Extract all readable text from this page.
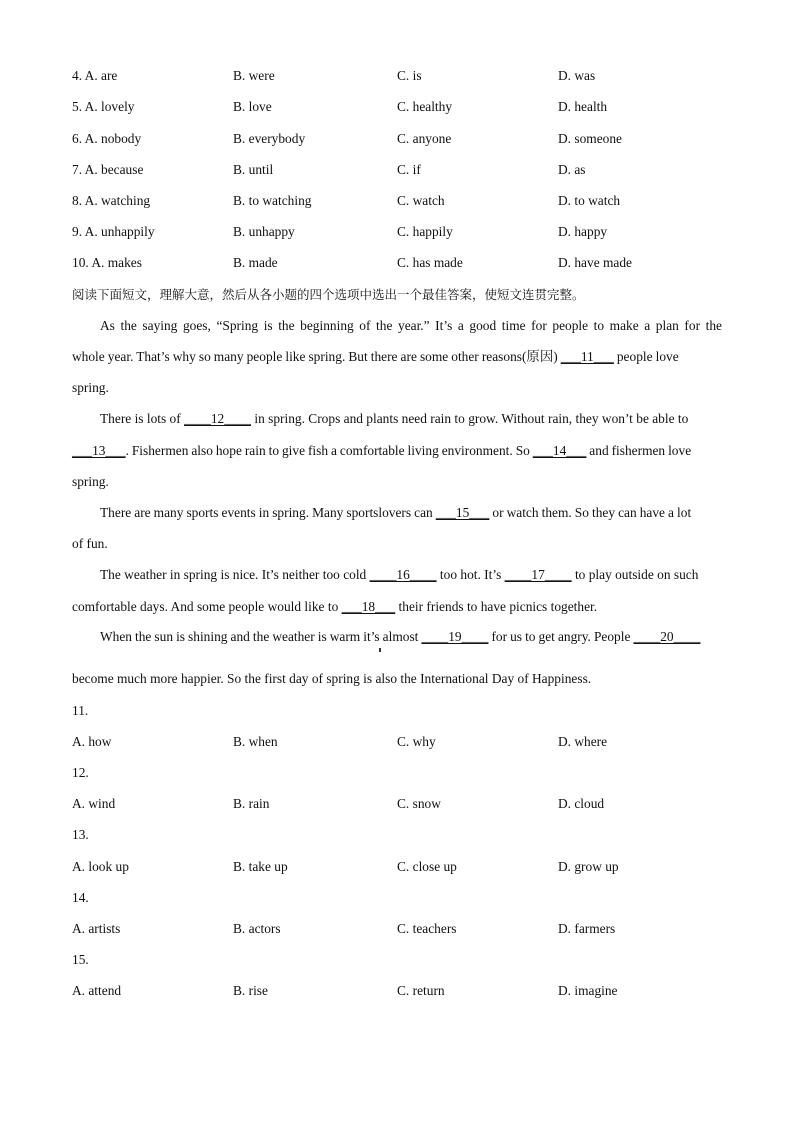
4. A. are	B. were	C. is	D. was
5. A. lovely	B. love	C. healthy	D. health
6. A. nobody	B. everybody	C. anyone	D. someone
7. A. because	B. until	C. if	D. as
8. A. watching	B. to watching	C. watch	D. to watch
9. A. unhappily	B. unhappy	C. happily	D. happy
10. A. makes	B. made	C. has made	D. have made
阅读下面短文，理解大意，然后从各小题的四个选项中选出一个最佳答案，使短文连贯完整。
As the saying goes, “Spring is the beginning of the year.” It’s a good time for people to make a plan for the
whole year. That’s why so many people like spring. But there are some other reasons(原因) ___11___ people love
spring.
There is lots of ____12____ in spring. Crops and plants need rain to grow. Without rain, they won’t be able to
___13___. Fishermen also hope rain to give fish a comfortable living environment. So ___14___ and fishermen love
spring.
There are many sports events in spring. Many sportslovers can ___15___ or watch them. So they can have a lot
of fun.
The weather in spring is nice. It’s neither too cold ____16____ too hot. It’s ____17____ to play outside on such
comfortable days. And some people would like to ___18___ their friends to have picnics together.
When the sun is shining and the weather is warm it’s almost ____19____ for us to get angry. People ____20____
become much more happier. So the first day of spring is also the International Day of Happiness.
11.
A. how	B. when	C. why	D. where
12.
A. wind	B. rain	C. snow	D. cloud
13.
A. look up	B. take up	C. close up	D. grow up
14.
A. artists	B. actors	C. teachers	D. farmers
15.
A. attend	B. rise	C. return	D. imagine
